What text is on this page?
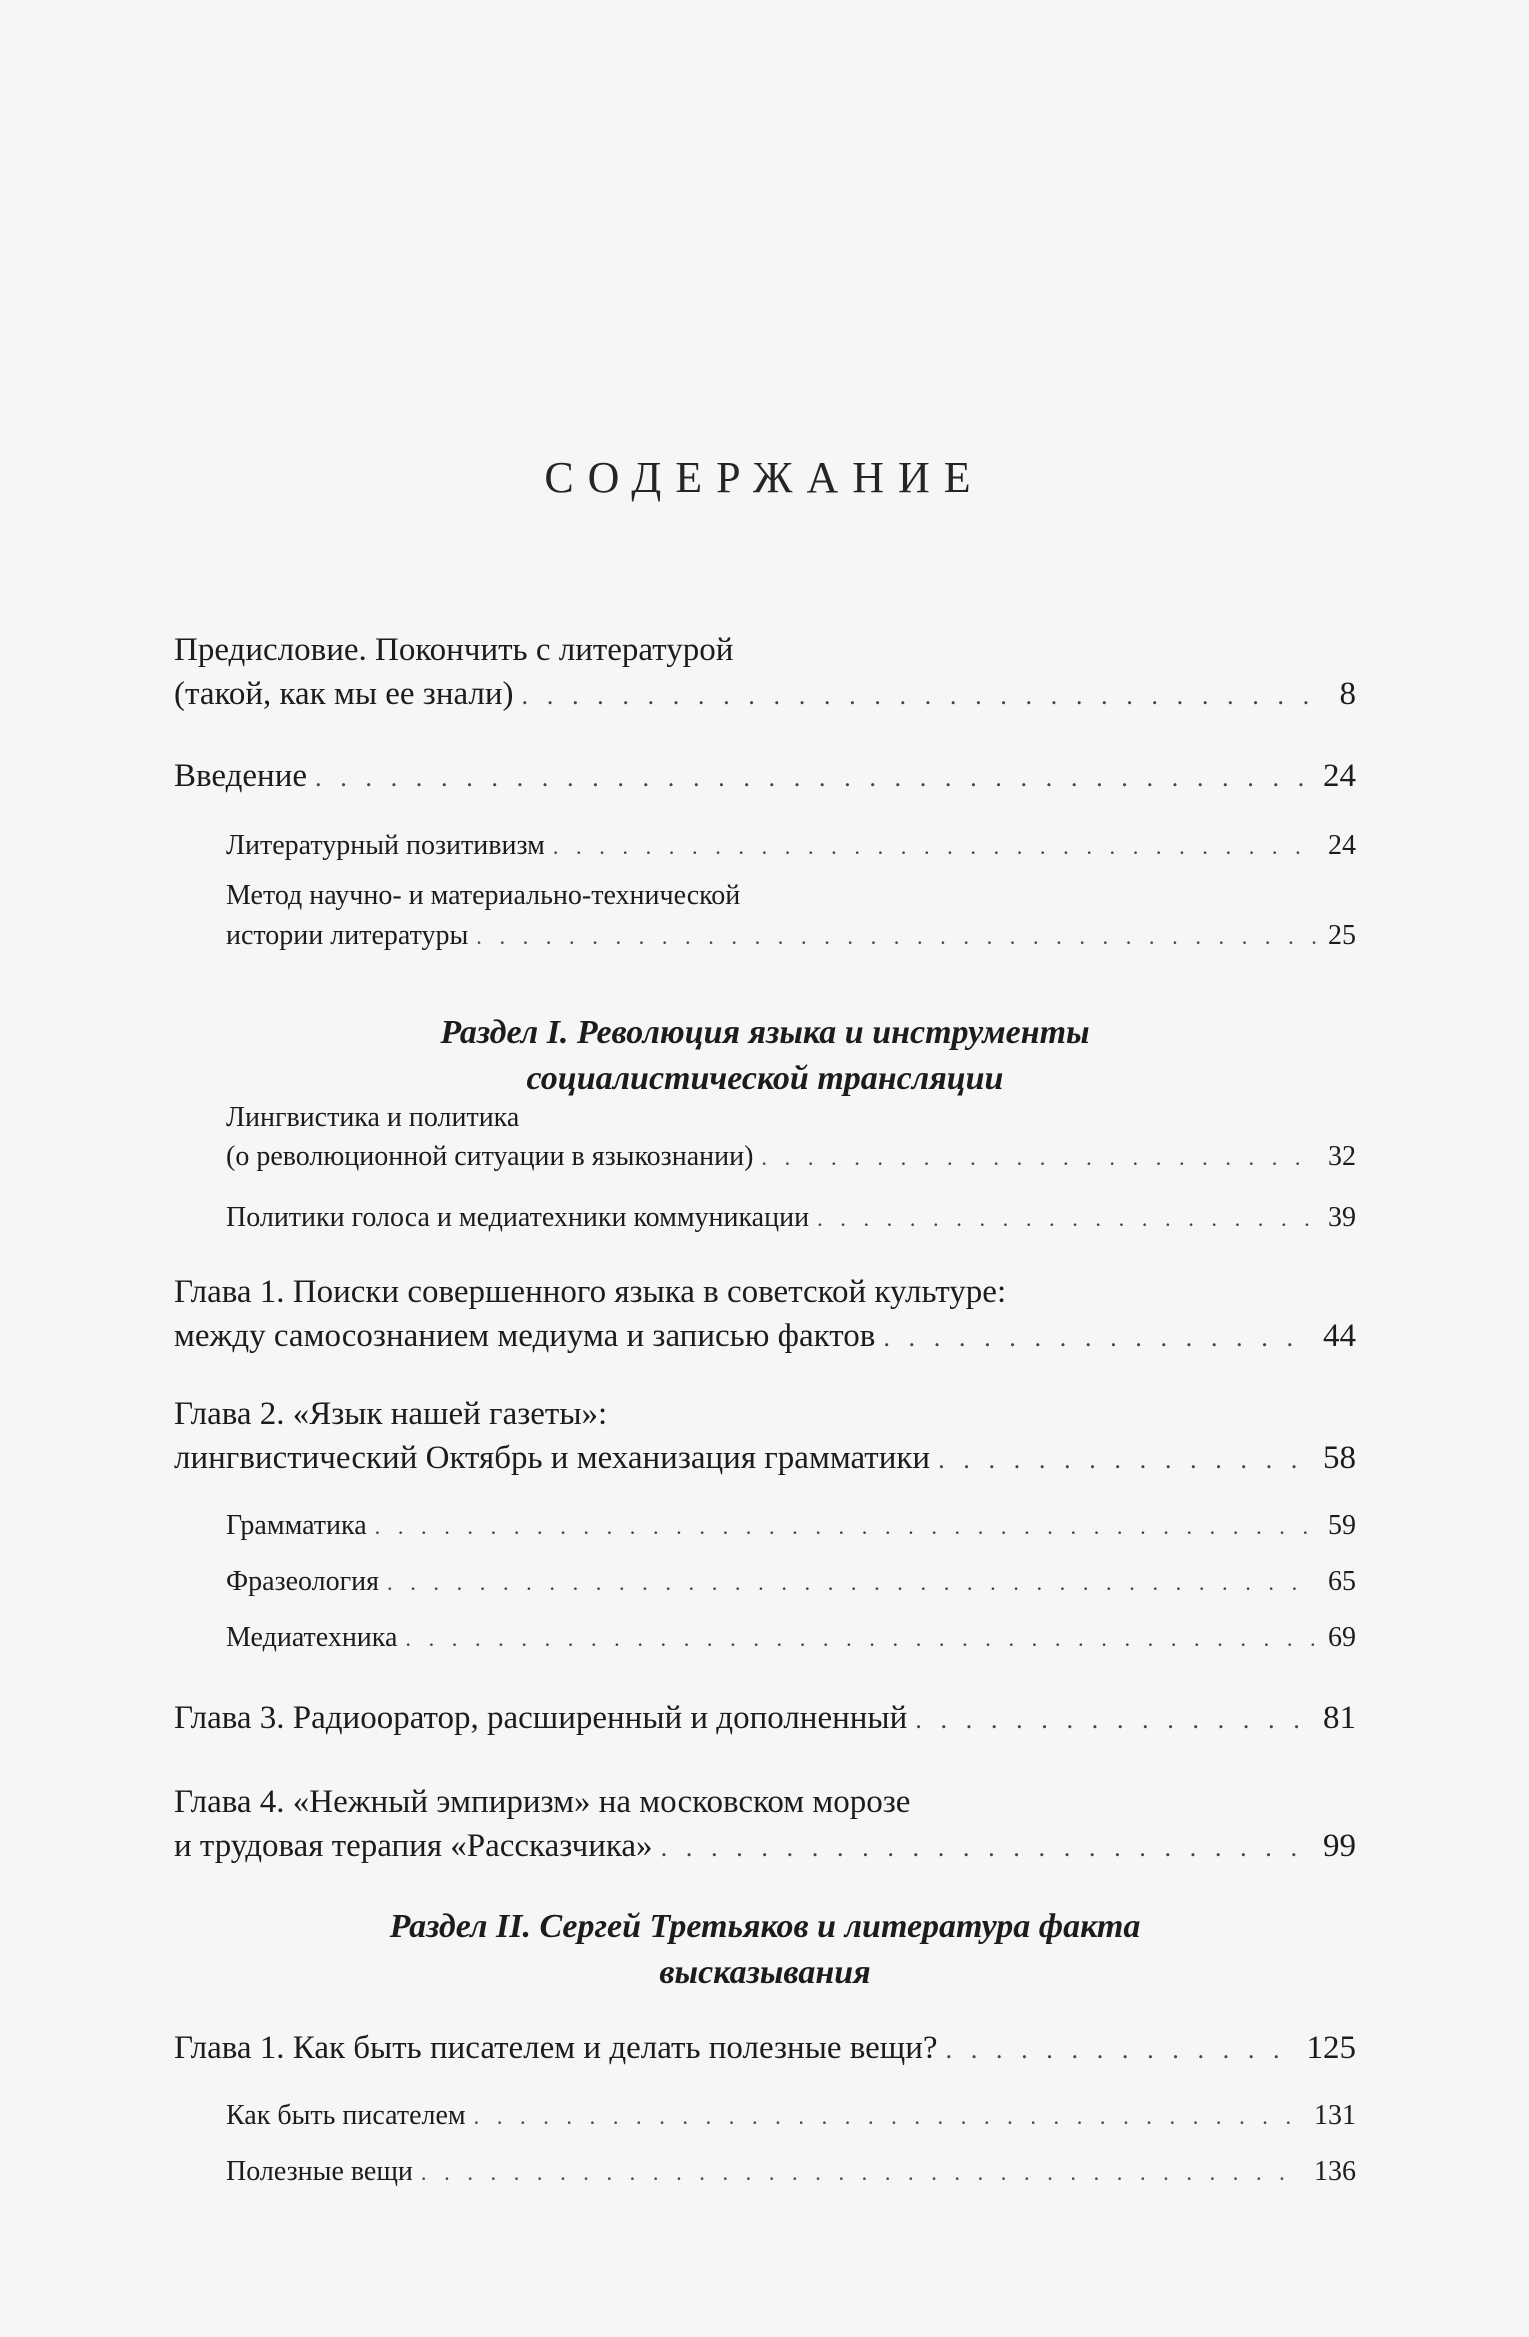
СОДЕРЖАНИЕ
Предисловие. Покончить с литературой
(такой, как мы ее знали) . . .	8
Введение . . .	24
Литературный позитивизм . . .	24
Метод научно- и материально-технической
истории литературы . . .	25
Раздел I. Революция языка и инструменты
социалистической трансляции
Лингвистика и политика
(о революционной ситуации в языкознании) . . .	32
Политики голоса и медиатехники коммуникации . . .	39
Глава 1. Поиски совершенного языка в советской культуре:
между самосознанием медиума и записью фактов . . .	44
Глава 2. «Язык нашей газеты»:
лингвистический Октябрь и механизация грамматики . . .	58
Грамматика . . .	59
Фразеология . . .	65
Медиатехника . . .	69
Глава 3. Радиооратор, расширенный и дополненный . . .	81
Глава 4. «Нежный эмпиризм» на московском морозе
и трудовая терапия «Рассказчика» . . .	99
Раздел II. Сергей Третьяков и литература факта
высказывания
Глава 1. Как быть писателем и делать полезные вещи? . . .	125
Как быть писателем . . .	131
Полезные вещи . . .	136
